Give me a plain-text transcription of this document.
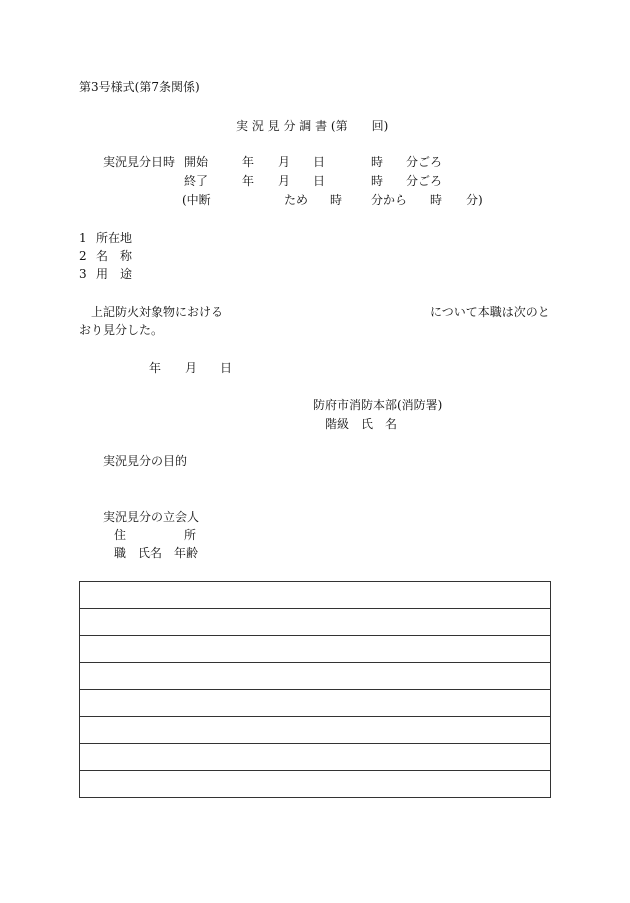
第3号様式(第7条関係)
実 況 見 分 調 書 (第　　回)
実況見分日時 開始	年 月 日	時 分ごろ
終了	年 月 日	時 分ごろ
(中断	ため 時 分から 時 分)
1 所在地
2 名　称
3 用　途
上記防火対象物における	について本職は次のと
おり見分した。
年 月 日
防府市消防本部(消防署)
階級　氏　名
実況見分の目的
実況見分の立会人
住	所
職　氏名　年齢
